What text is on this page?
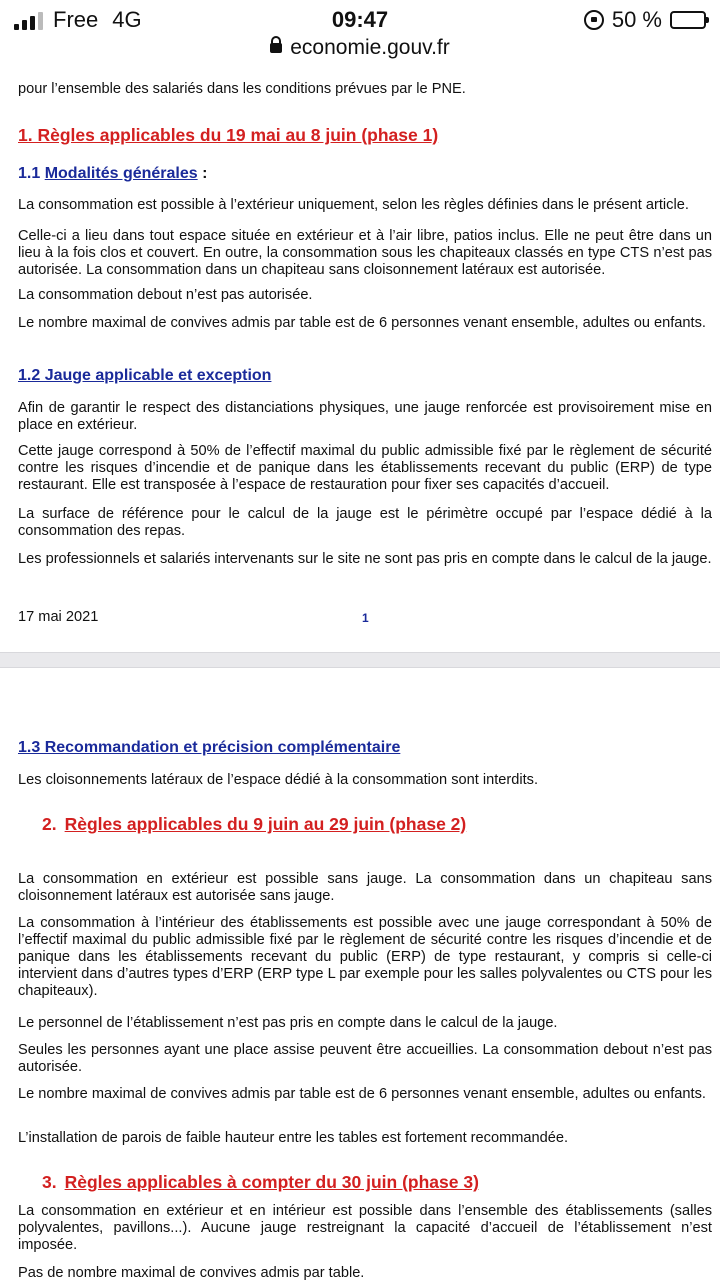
Free 4G	09:47	50 %
economie.gouv.fr
pour l’ensemble des salariés dans les conditions prévues par le PNE.
1. Règles applicables du 19 mai au 8 juin (phase 1)
1.1 Modalités générales :
La consommation est possible à l’extérieur uniquement, selon les règles définies dans le présent article.
Celle-ci a lieu dans tout espace située en extérieur et à l’air libre, patios inclus. Elle ne peut être dans un lieu à la fois clos et couvert. En outre, la consommation sous les chapiteaux classés en type CTS n’est pas autorisée. La consommation dans un chapiteau sans cloisonnement latéraux est autorisée.
La consommation debout n’est pas autorisée.
Le nombre maximal de convives admis par table est de 6 personnes venant ensemble, adultes ou enfants.
1.2 Jauge applicable et exception
Afin de garantir le respect des distanciations physiques, une jauge renforcée est provisoirement mise en place en extérieur.
Cette jauge correspond à 50% de l’effectif maximal du public admissible fixé par le règlement de sécurité contre les risques d’incendie et de panique dans les établissements recevant du public (ERP) de type restaurant. Elle est transposée à l’espace de restauration pour fixer ses capacités d’accueil.
La surface de référence pour le calcul de la jauge est le périmètre occupé par l’espace dédié à la consommation des repas.
Les professionnels et salariés intervenants sur le site ne sont pas pris en compte dans le calcul de la jauge.
17 mai 2021	1
1.3 Recommandation et précision complémentaire
Les cloisonnements latéraux de l’espace dédié à la consommation sont interdits.
2. Règles applicables du 9 juin au 29 juin (phase 2)
La consommation en extérieur est possible sans jauge. La consommation dans un chapiteau sans cloisonnement latéraux est autorisée sans jauge.
La consommation à l’intérieur des établissements est possible avec une jauge correspondant à 50% de l’effectif maximal du public admissible fixé par le règlement de sécurité contre les risques d’incendie et de panique dans les établissements recevant du public (ERP) de type restaurant, y compris si celle-ci intervient dans d’autres types d’ERP (ERP type L par exemple pour les salles polyvalentes ou CTS pour les chapiteaux).
Le personnel de l’établissement n’est pas pris en compte dans le calcul de la jauge.
Seules les personnes ayant une place assise peuvent être accueillies. La consommation debout n’est pas autorisée.
Le nombre maximal de convives admis par table est de 6 personnes venant ensemble, adultes ou enfants.
L’installation de parois de faible hauteur entre les tables est fortement recommandée.
3. Règles applicables à compter du 30 juin (phase 3)
La consommation en extérieur et en intérieur est possible dans l’ensemble des établissements (salles polyvalentes, pavillons...). Aucune jauge restreignant la capacité d’accueil de l’établissement n’est imposée.
Pas de nombre maximal de convives admis par table.
